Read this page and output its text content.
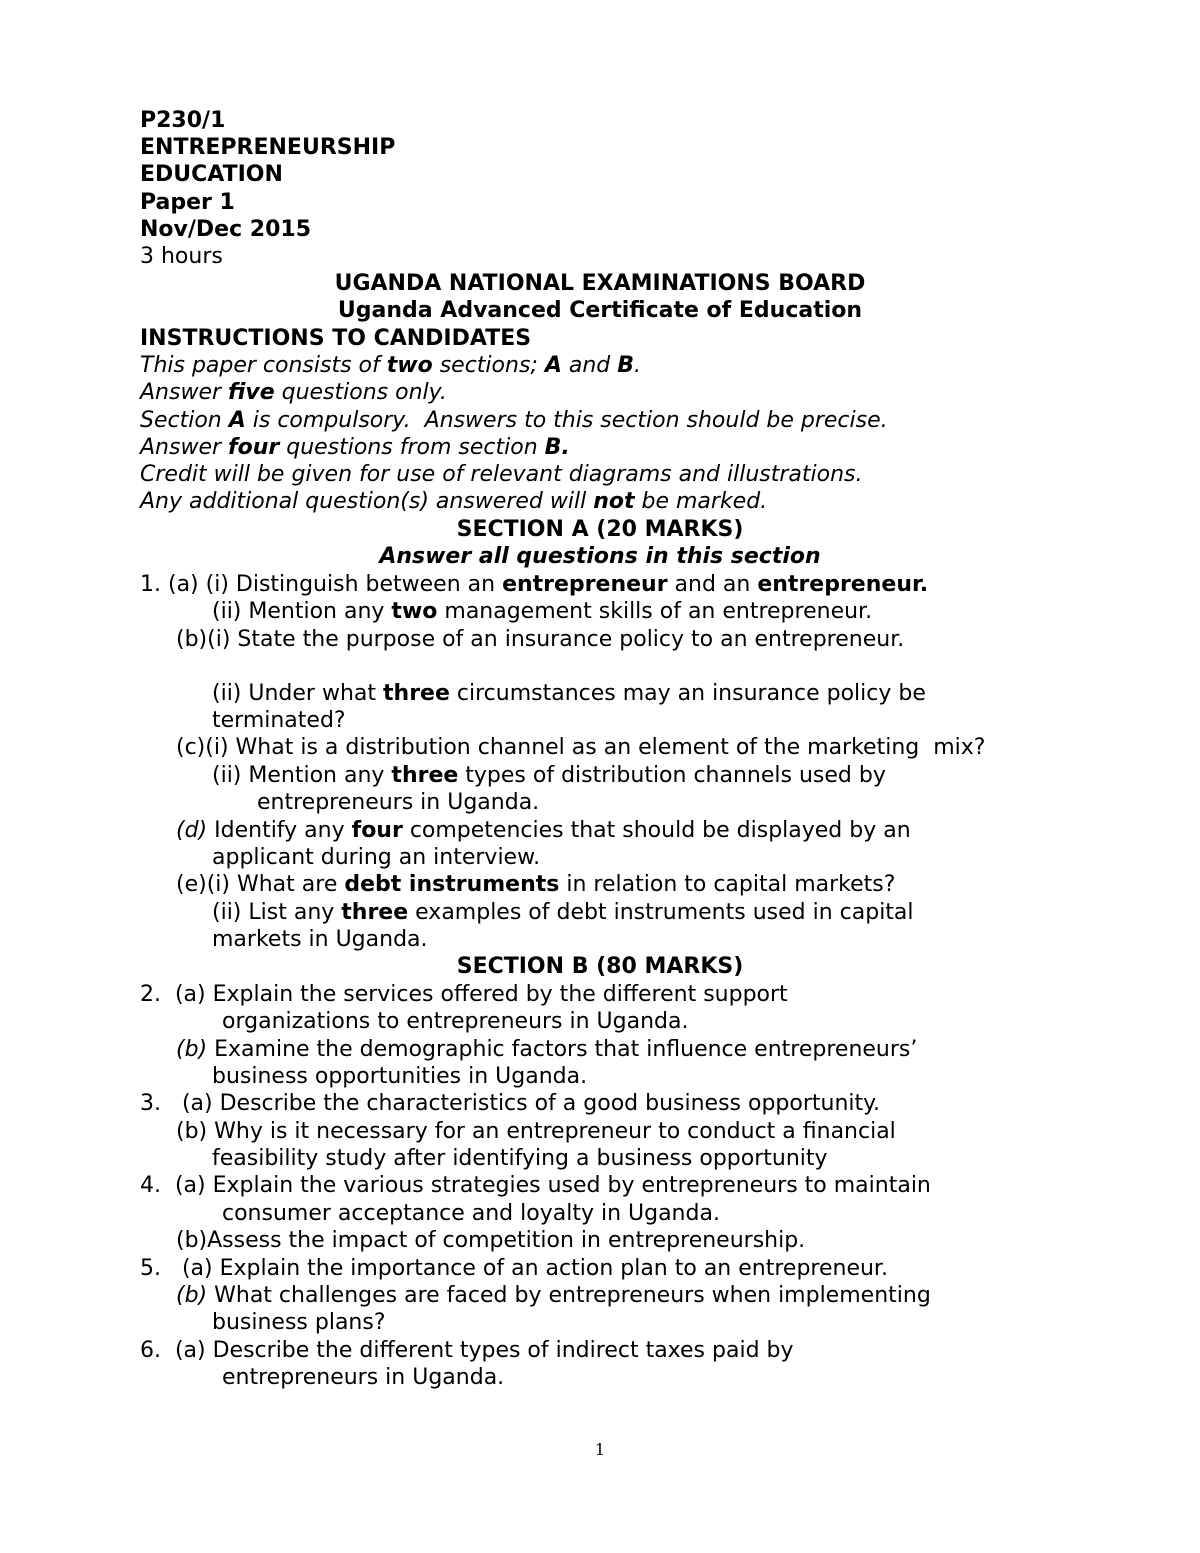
P230/1
ENTREPRENEURSHIP
EDUCATION
Paper 1
Nov/Dec 2015
3 hours
UGANDA NATIONAL EXAMINATIONS BOARD
Uganda Advanced Certificate of Education
INSTRUCTIONS TO CANDIDATES
This paper consists of two sections; A and B.
Answer five questions only.
Section A is compulsory.  Answers to this section should be precise.
Answer four questions from section B.
Credit will be given for use of relevant diagrams and illustrations.
Any additional question(s) answered will not be marked.
SECTION A (20 MARKS)
Answer all questions in this section
1. (a) (i) Distinguish between an entrepreneur and an entrepreneur.
(ii) Mention any two management skills of an entrepreneur.
(b)(i) State the purpose of an insurance policy to an entrepreneur.
(ii) Under what three circumstances may an insurance policy be
terminated?
(c)(i) What is a distribution channel as an element of the marketing  mix?
(ii) Mention any three types of distribution channels used by
entrepreneurs in Uganda.
(d) Identify any four competencies that should be displayed by an
applicant during an interview.
(e)(i) What are debt instruments in relation to capital markets?
(ii) List any three examples of debt instruments used in capital
markets in Uganda.
SECTION B (80 MARKS)
2.  (a) Explain the services offered by the different support
organizations to entrepreneurs in Uganda.
(b) Examine the demographic factors that influence entrepreneurs’
business opportunities in Uganda.
3.   (a) Describe the characteristics of a good business opportunity.
(b) Why is it necessary for an entrepreneur to conduct a financial
feasibility study after identifying a business opportunity
4.  (a) Explain the various strategies used by entrepreneurs to maintain
consumer acceptance and loyalty in Uganda.
(b)Assess the impact of competition in entrepreneurship.
5.   (a) Explain the importance of an action plan to an entrepreneur.
(b) What challenges are faced by entrepreneurs when implementing
business plans?
6.  (a) Describe the different types of indirect taxes paid by
entrepreneurs in Uganda.
1
